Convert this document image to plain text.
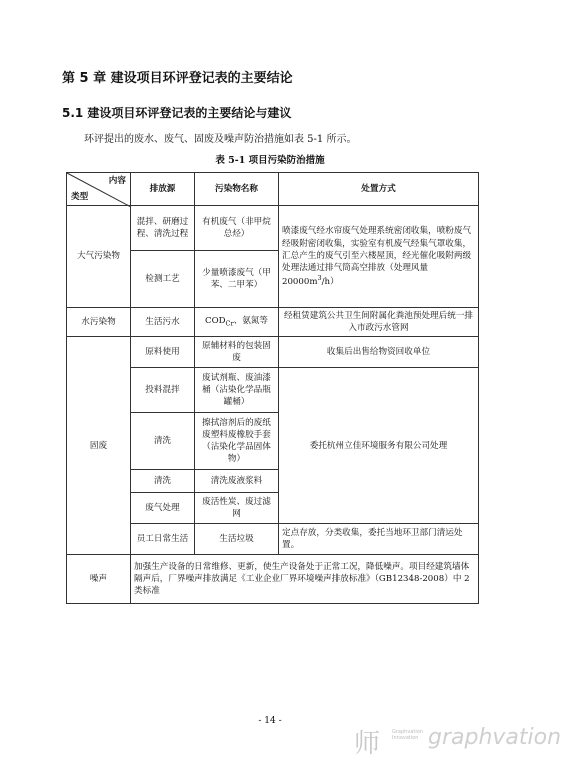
第 5 章 建设项目环评登记表的主要结论
5.1 建设项目环评登记表的主要结论与建议
环评提出的废水、废气、固废及噪声防治措施如表 5-1 所示。
表 5-1 项目污染防治措施
内容
类型	排放源	污染物名称	处置方式
大气污染物	混拌、研磨过程、清洗过程	有机废气（非甲烷总烃）	喷漆废气经水帘废气处理系统密闭收集，喷粉废气经吸附密闭收集，实验室有机废气经集气罩收集，汇总产生的废气引至六楼屋顶，经光催化吸附两级处理法通过排气筒高空排放（处理风量$20000m^3/h$）
	检测工艺	少量喷漆废气（甲苯、二甲苯）	
水污染物	生活污水	$COD_{Cr}$、氨氮等	经租赁建筑公共卫生间附属化粪池预处理后统一排入市政污水管网
固废	原料使用	原辅材料的包装固废	收集后出售给物资回收单位
	投料混拌	废试剂瓶、废油漆桶（沾染化学品瓶罐桶）	委托杭州立佳环境服务有限公司处理
	清洗	擦拭溶剂后的废纸废塑料废橡胶手套（沾染化学品固体物）	
	清洗	清洗废液浆料	
	废气处理	废活性炭、废过滤网	
	员工日常生活	生活垃圾	定点存放，分类收集，委托当地环卫部门清运处置。
噪声	加强生产设备的日常维修、更新，使生产设备处于正常工况，降低噪声。项目经建筑墙体隔声后，厂界噪声排放满足《工业企业厂界环境噪声排放标准》（GB12348-2008）中 2 类标准		
- 14 -
师 Graphvation
Innovation graphvation
